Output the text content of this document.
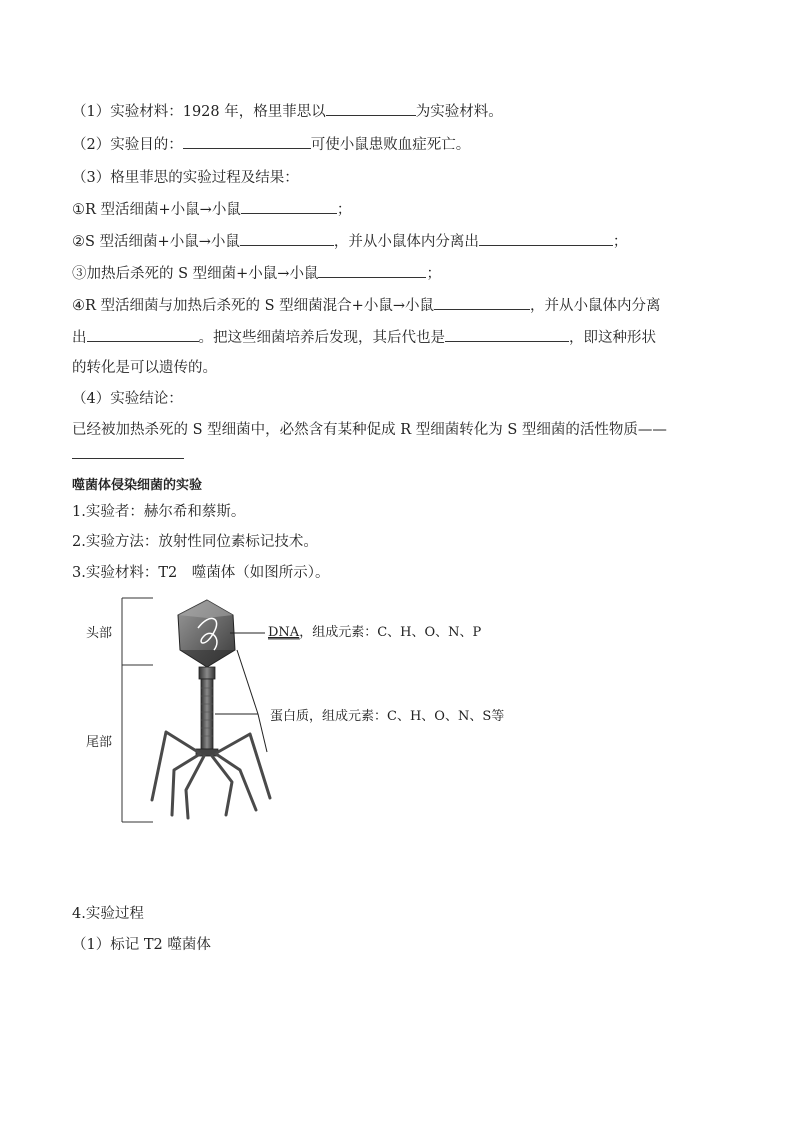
（1）实验材料：1928 年，格里菲思以	为实验材料。
（2）实验目的：	可使小鼠患败血症死亡。
（3）格里菲思的实验过程及结果：
①R 型活细菌+小鼠→小鼠	；
②S 型活细菌+小鼠→小鼠	，并从小鼠体内分离出	；
③加热后杀死的 S 型细菌+小鼠→小鼠	；
④R 型活细菌与加热后杀死的 S 型细菌混合+小鼠→小鼠	，并从小鼠体内分离
出	。把这些细菌培养后发现，其后代也是	，即这种形状
的转化是可以遗传的。
（4）实验结论：
已经被加热杀死的 S 型细菌中，必然含有某种促成 R 型细菌转化为 S 型细菌的活性物质——
噬菌体侵染细菌的实验
1.实验者：赫尔希和蔡斯。
2.实验方法：放射性同位素标记技术。
3.实验材料：T2　噬菌体（如图所示）。
头部
尾部
DNA，组成元素：C、H、O、N、P
蛋白质，组成元素：C、H、O、N、S等
4.实验过程
（1）标记 T2 噬菌体
